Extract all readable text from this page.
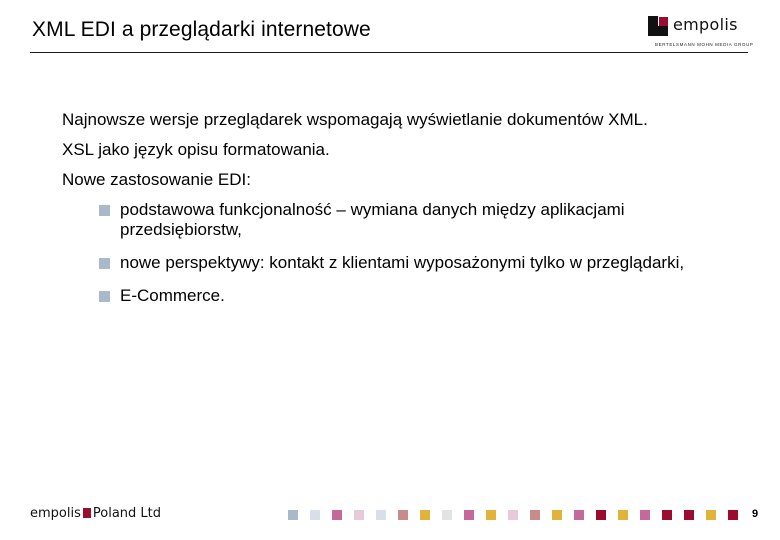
XML EDI a przeglądarki internetowe	empolis
BERTELSMANN MOHN MEDIA GROUP

Najnowsze wersje przeglądarek wspomagają wyświetlanie dokumentów XML.

XSL jako język opisu formatowania.

Nowe zastosowanie EDI:

podstawowa funkcjonalność – wymiana danych między aplikacjami przedsiębiorstw,
nowe perspektywy: kontakt z klientami wyposażonymi tylko w przeglądarki,
E-Commerce.
empolis Poland Ltd	9
